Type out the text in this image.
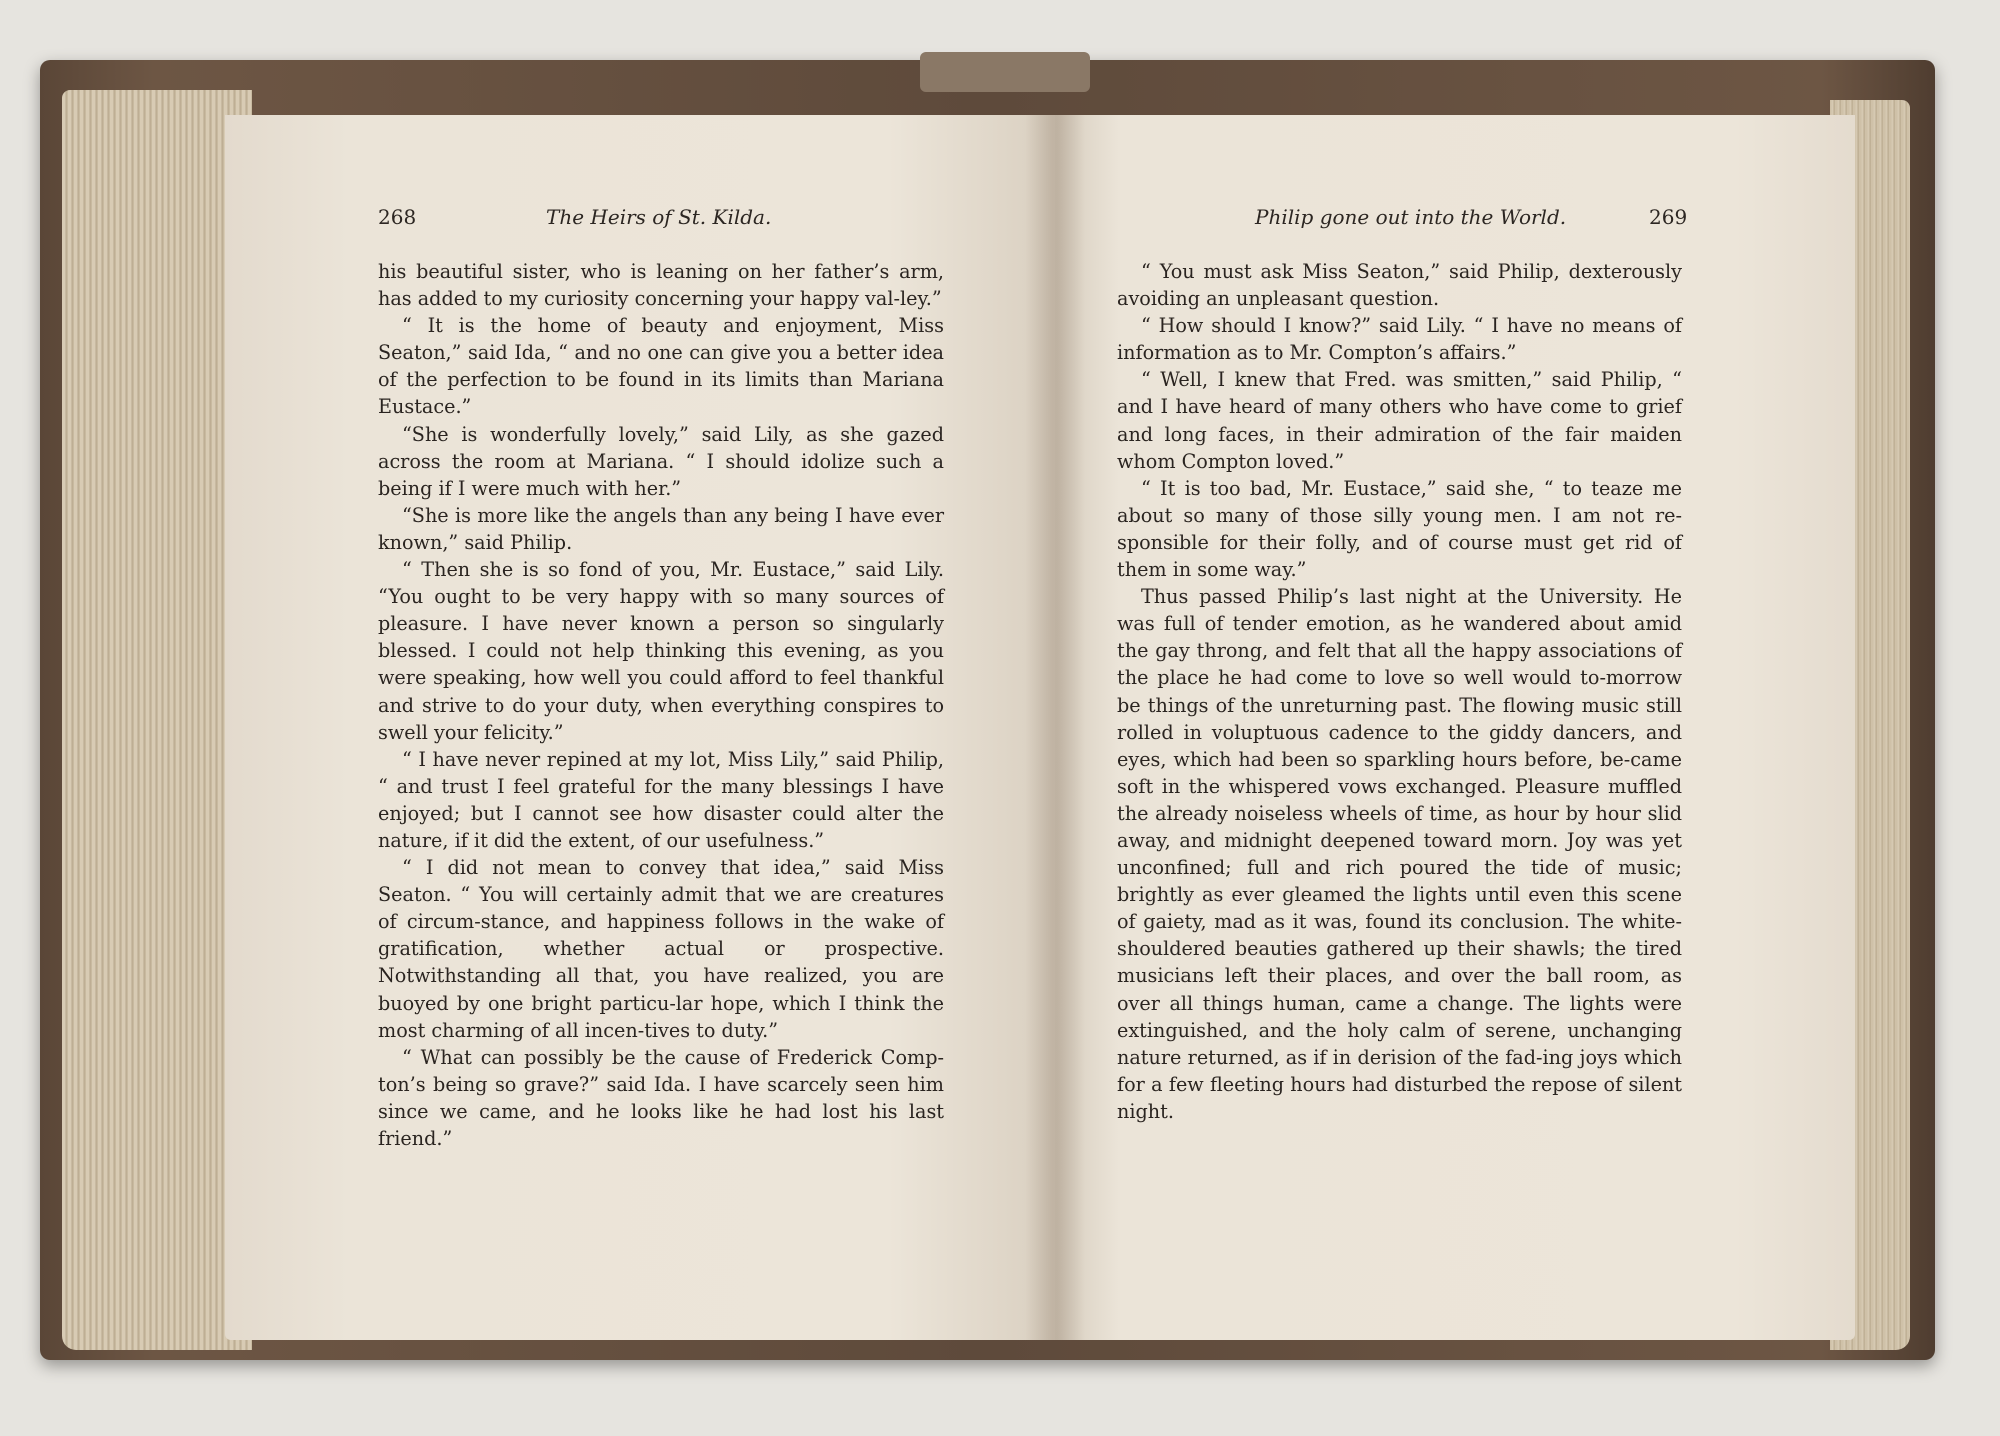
268	The Heirs of St. Kilda.	Philip gone out into the World.	269

his beautiful sister, who is leaning on her father’s arm, has added to my curiosity concerning your happy val-ley.”

“ It is the home of beauty and enjoyment, Miss Seaton,” said Ida, “ and no one can give you a better idea of the perfection to be found in its limits than Mariana Eustace.”

“She is wonderfully lovely,” said Lily, as she gazed across the room at Mariana. “ I should idolize such a being if I were much with her.”

“She is more like the angels than any being I have ever known,” said Philip.

“ Then she is so fond of you, Mr. Eustace,” said Lily. “You ought to be very happy with so many sources of pleasure. I have never known a person so singularly blessed. I could not help thinking this evening, as you were speaking, how well you could afford to feel thankful and strive to do your duty, when everything conspires to swell your felicity.”

“ I have never repined at my lot, Miss Lily,” said Philip, “ and trust I feel grateful for the many blessings I have enjoyed; but I cannot see how disaster could alter the nature, if it did the extent, of our usefulness.”

“ I did not mean to convey that idea,” said Miss Seaton. “ You will certainly admit that we are creatures of circum-stance, and happiness follows in the wake of gratification, whether actual or prospective. Notwithstanding all that, you have realized, you are buoyed by one bright particu-lar hope, which I think the most charming of all incen-tives to duty.”

“ What can possibly be the cause of Frederick Comp-ton’s being so grave?” said Ida. I have scarcely seen him since we came, and he looks like he had lost his last friend.”

“ You must ask Miss Seaton,” said Philip, dexterously avoiding an unpleasant question.

“ How should I know?” said Lily. “ I have no means of information as to Mr. Compton’s affairs.”

“ Well, I knew that Fred. was smitten,” said Philip, “ and I have heard of many others who have come to grief and long faces, in their admiration of the fair maiden whom Compton loved.”

“ It is too bad, Mr. Eustace,” said she, “ to teaze me about so many of those silly young men. I am not re-sponsible for their folly, and of course must get rid of them in some way.”

Thus passed Philip’s last night at the University. He was full of tender emotion, as he wandered about amid the gay throng, and felt that all the happy associations of the place he had come to love so well would to-morrow be things of the unreturning past. The flowing music still rolled in voluptuous cadence to the giddy dancers, and eyes, which had been so sparkling hours before, be-came soft in the whispered vows exchanged. Pleasure muffled the already noiseless wheels of time, as hour by hour slid away, and midnight deepened toward morn. Joy was yet unconfined; full and rich poured the tide of music; brightly as ever gleamed the lights until even this scene of gaiety, mad as it was, found its conclusion. The white-shouldered beauties gathered up their shawls; the tired musicians left their places, and over the ball room, as over all things human, came a change. The lights were extinguished, and the holy calm of serene, unchanging nature returned, as if in derision of the fad-ing joys which for a few fleeting hours had disturbed the repose of silent night.
